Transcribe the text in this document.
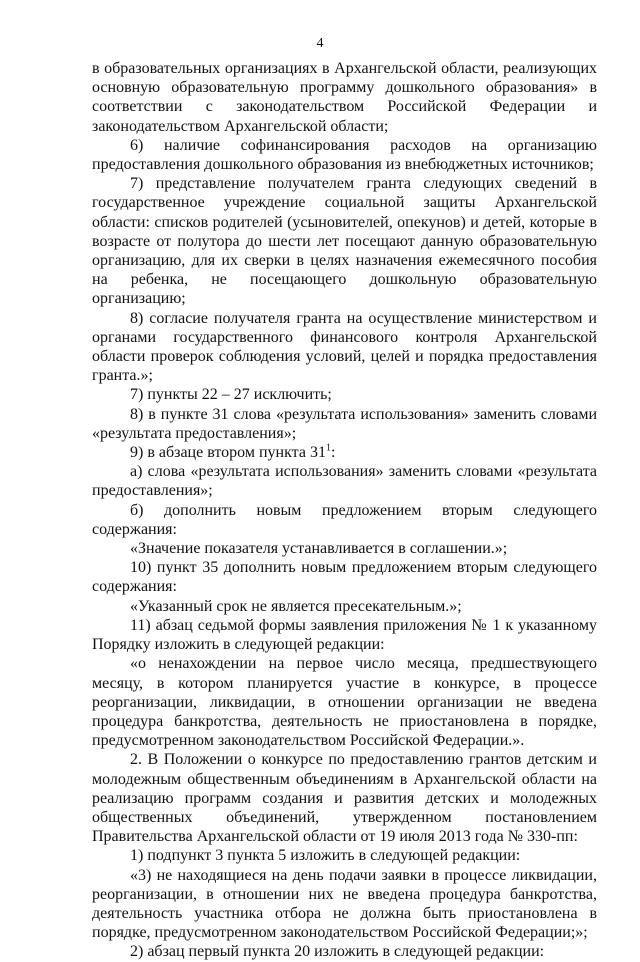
4

в образовательных организациях в Архангельской области, реализующих основную образовательную программу дошкольного образования» в соответствии с законодательством Российской Федерации и законодательством Архангельской области;

6) наличие софинансирования расходов на организацию предоставления дошкольного образования из внебюджетных источников;

7) представление получателем гранта следующих сведений в государственное учреждение социальной защиты Архангельской области: списков родителей (усыновителей, опекунов) и детей, которые в возрасте от полутора до шести лет посещают данную образовательную организацию, для их сверки в целях назначения ежемесячного пособия на ребенка, не посещающего дошкольную образовательную организацию;

8) согласие получателя гранта на осуществление министерством и органами государственного финансового контроля Архангельской области проверок соблюдения условий, целей и порядка предоставления гранта.»;

7) пункты 22 – 27 исключить;

8) в пункте 31 слова «результата использования» заменить словами «результата предоставления»;

9) в абзаце втором пункта $31^1$:

а) слова «результата использования» заменить словами «результата предоставления»;

б) дополнить новым предложением вторым следующего содержания:

«Значение показателя устанавливается в соглашении.»;

10) пункт 35 дополнить новым предложением вторым следующего содержания:

«Указанный срок не является пресекательным.»;

11) абзац седьмой формы заявления приложения № 1 к указанному Порядку изложить в следующей редакции:

«о ненахождении на первое число месяца, предшествующего месяцу, в котором планируется участие в конкурсе, в процессе реорганизации, ликвидации, в отношении организации не введена процедура банкротства, деятельность не приостановлена в порядке, предусмотренном законодательством Российской Федерации.».

2. В Положении о конкурсе по предоставлению грантов детским и молодежным общественным объединениям в Архангельской области на реализацию программ создания и развития детских и молодежных общественных объединений, утвержденном постановлением Правительства Архангельской области от 19 июля 2013 года № 330-пп:

1) подпункт 3 пункта 5 изложить в следующей редакции:

«3) не находящиеся на день подачи заявки в процессе ликвидации, реорганизации, в отношении них не введена процедура банкротства, деятельность участника отбора не должна быть приостановлена в порядке, предусмотренном законодательством Российской Федерации;»;

2) абзац первый пункта 20 изложить в следующей редакции:
